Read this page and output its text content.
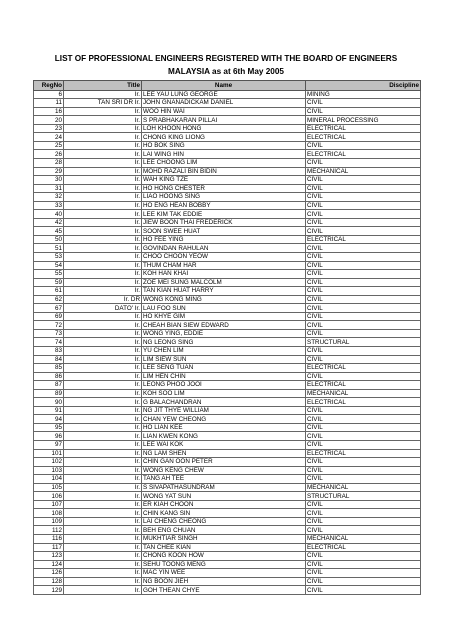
LIST OF PROFESSIONAL ENGINEERS REGISTERED WITH THE BOARD OF ENGINEERS
MALAYSIA as at 6th May 2005
RegNo	Title	Name	Discipline
6	Ir.	LEE YAU LUNG GEORGE	MINING
11	TAN SRI DR Ir.	JOHN GNANADICKAM DANIEL	CIVIL
16	Ir.	WOO HIN WAI	CIVIL
20	Ir.	S PRABHAKARAN PILLAI	MINERAL PROCESSING
23	Ir.	LOH KHOON HONG	ELECTRICAL
24	Ir.	CHONG KING LIONG	ELECTRICAL
25	Ir.	HO BOK SING	CIVIL
26	Ir.	LAI WING HIN	ELECTRICAL
28	Ir.	LEE CHOONG LIM	CIVIL
29	Ir.	MOHD RAZALI BIN BIDIN	MECHANICAL
30	Ir.	WAH KING TZE	CIVIL
31	Ir.	HO HONG CHESTER	CIVIL
32	Ir.	LIAO HOONG SING	CIVIL
33	Ir.	HO ENG HEAN BOBBY	CIVIL
40	Ir.	LEE KIM TAK EDDIE	CIVIL
42	Ir.	JIEW BOON THAI FREDERICK	CIVIL
45	Ir.	SOON SWEE HUAT	CIVIL
50	Ir.	HO FEE YING	ELECTRICAL
51	Ir.	GOVINDAN RAHULAN	CIVIL
53	Ir.	CHOO CHOON YEOW	CIVIL
54	Ir.	THUM CHAM HAR	CIVIL
55	Ir.	KOH HAN KHAI	CIVIL
59	Ir.	ZOE MEI SUNG MALCOLM	CIVIL
61	Ir.	TAN KIAN HUAT HARRY	CIVIL
62	Ir. DR	WONG KONG MING	CIVIL
67	DATO' Ir.	LAU FOO SUN	CIVIL
69	Ir.	HO KHYE GIM	CIVIL
72	Ir.	CHEAH BIAN SIEW EDWARD	CIVIL
73	Ir.	WONG YING, EDDIE	CIVIL
74	Ir.	NG LEONG SING	STRUCTURAL
83	Ir.	YU CHEN LIM	CIVIL
84	Ir.	LIM SIEW SUN	CIVIL
85	Ir.	LEE SENG TUAN	ELECTRICAL
86	Ir.	LIM HEN CHIN	CIVIL
87	Ir.	LEONG PHOO JOOI	ELECTRICAL
89	Ir.	KOH SOO LIM	MECHANICAL
90	Ir.	G BALACHANDRAN	ELECTRICAL
91	Ir.	NG JIT THYE WILLIAM	CIVIL
94	Ir.	CHAN YEW CHEONG	CIVIL
95	Ir.	HO LIAN KEE	CIVIL
96	Ir.	LIAN KWEN KONG	CIVIL
97	Ir.	LEE WAI KOK	CIVIL
101	Ir.	NG LAM SHEN	ELECTRICAL
102	Ir.	CHIN GAN OON PETER	CIVIL
103	Ir.	WONG KENG CHEW	CIVIL
104	Ir.	TANG AH TEE	CIVIL
105	Ir.	S SIVAPATHASUNDRAM	MECHANICAL
106	Ir.	WONG YAT SUN	STRUCTURAL
107	Ir.	ER KIAH CHOON	CIVIL
108	Ir.	CHIN KANG SIN	CIVIL
109	Ir.	LAI CHENG CHEONG	CIVIL
112	Ir.	BEH ENG CHUAN	CIVIL
116	Ir.	MUKHTIAR SINGH	MECHANICAL
117	Ir.	TAN CHEE KIAN	ELECTRICAL
123	Ir.	CHONG KOON HOW	CIVIL
124	Ir.	SEHU TOONG MENG	CIVIL
126	Ir.	MAC YIN WEE	CIVIL
128	Ir.	NG BOON JIEH	CIVIL
129	Ir.	GOH THEAN CHYE	CIVIL
